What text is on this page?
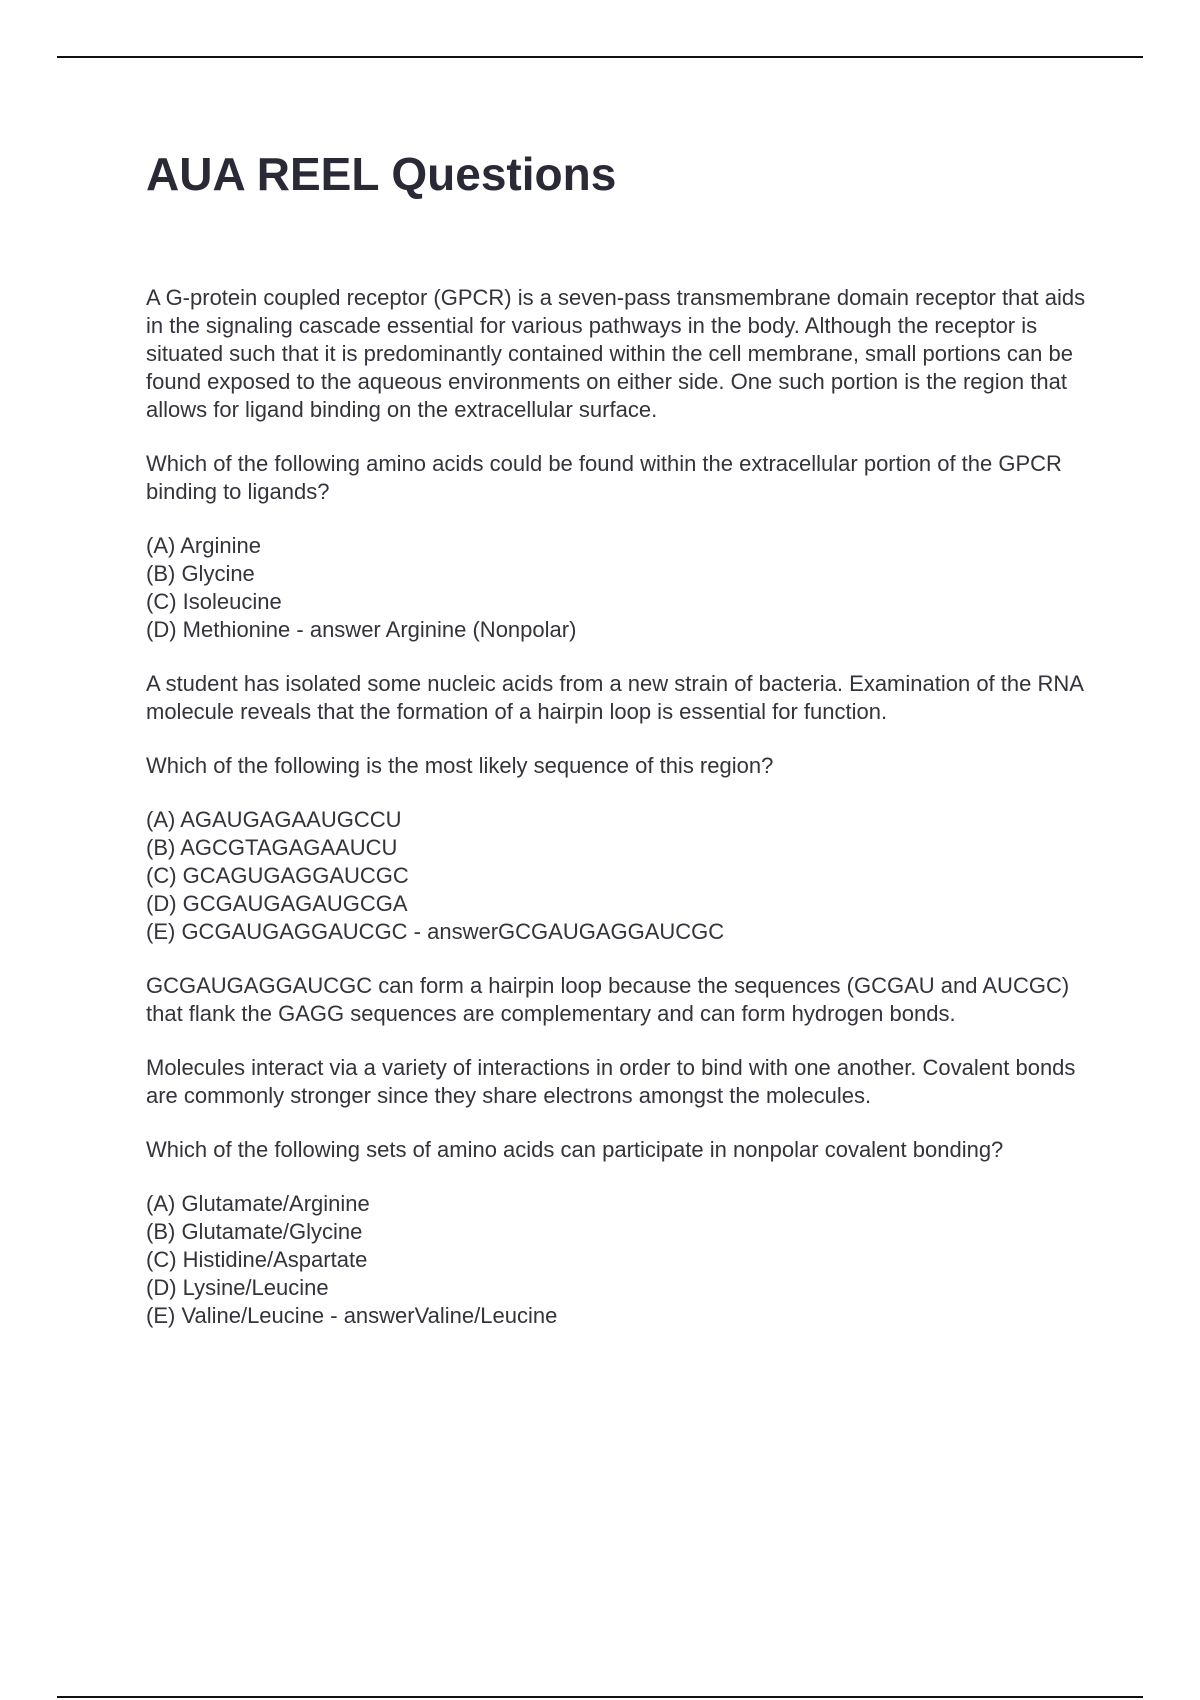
AUA REEL Questions

A G-protein coupled receptor (GPCR) is a seven-pass transmembrane domain receptor that aids in the signaling cascade essential for various pathways in the body. Although the receptor is situated such that it is predominantly contained within the cell membrane, small portions can be found exposed to the aqueous environments on either side. One such portion is the region that allows for ligand binding on the extracellular surface.

Which of the following amino acids could be found within the extracellular portion of the GPCR binding to ligands?

(A) Arginine
(B) Glycine
(C) Isoleucine
(D) Methionine - answer Arginine (Nonpolar)

A student has isolated some nucleic acids from a new strain of bacteria. Examination of the RNA molecule reveals that the formation of a hairpin loop is essential for function.

Which of the following is the most likely sequence of this region?

(A) AGAUGAGAAUGCCU
(B) AGCGTAGAGAAUCU
(C) GCAGUGAGGAUCGC
(D) GCGAUGAGAUGCGA
(E) GCGAUGAGGAUCGC - answerGCGAUGAGGAUCGC

GCGAUGAGGAUCGC can form a hairpin loop because the sequences (GCGAU and AUCGC) that flank the GAGG sequences are complementary and can form hydrogen bonds.

Molecules interact via a variety of interactions in order to bind with one another. Covalent bonds are commonly stronger since they share electrons amongst the molecules.

Which of the following sets of amino acids can participate in nonpolar covalent bonding?

(A) Glutamate/Arginine
(B) Glutamate/Glycine
(C) Histidine/Aspartate
(D) Lysine/Leucine
(E) Valine/Leucine - answerValine/Leucine
